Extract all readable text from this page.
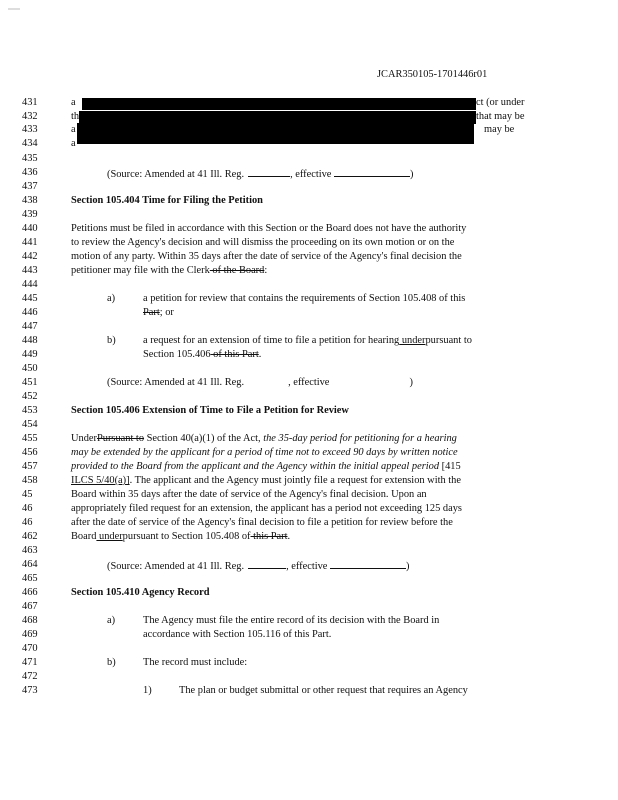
JCAR350105-1701446r01
431	a	ct (or under
432	th	that may be
433	a	may be
434	a
435
436	(Source: Amended at 41 Ill. Reg.	, effective	)
437
438	Section 105.404 Time for Filing the Petition
439
440	Petitions must be filed in accordance with this Section or the Board does not have the authority
441	to review the Agency's decision and will dismiss the proceeding on its own motion or on the
442	motion of any party. Within 35 days after the date of service of the Agency's final decision the
443	petitioner may file with the Clerk of the Board:
444
445	a)	a petition for review that contains the requirements of Section 105.408 of this
446	Part; or
447
448	b)	a request for an extension of time to file a petition for hearing underpursuant to
449	Section 105.406 of this Part.
450
451	(Source: Amended at 41 Ill. Reg.	, effective	)
452
453	Section 105.406 Extension of Time to File a Petition for Review
454
455	UnderPursuant to Section 40(a)(1) of the Act, the 35-day period for petitioning for a hearing
456	may be extended by the applicant for a period of time not to exceed 90 days by written notice
457	provided to the Board from the applicant and the Agency within the initial appeal period [415
458	ILCS 5/40(a)]. The applicant and the Agency must jointly file a request for extension with the
45	Board within 35 days after the date of service of the Agency's final decision. Upon an
46	appropriately filed request for an extension, the applicant has a period not exceeding 125 days
46	after the date of service of the Agency's final decision to file a petition for review before the
462	Board underpursuant to Section 105.408 of this Part.
463
464	(Source: Amended at 41 Ill. Reg.	, effective	)
465
466	Section 105.410 Agency Record
467
468	a)	The Agency must file the entire record of its decision with the Board in
469	accordance with Section 105.116 of this Part.
470
471	b)	The record must include:
472
473	1)	The plan or budget submittal or other request that requires an Agency
